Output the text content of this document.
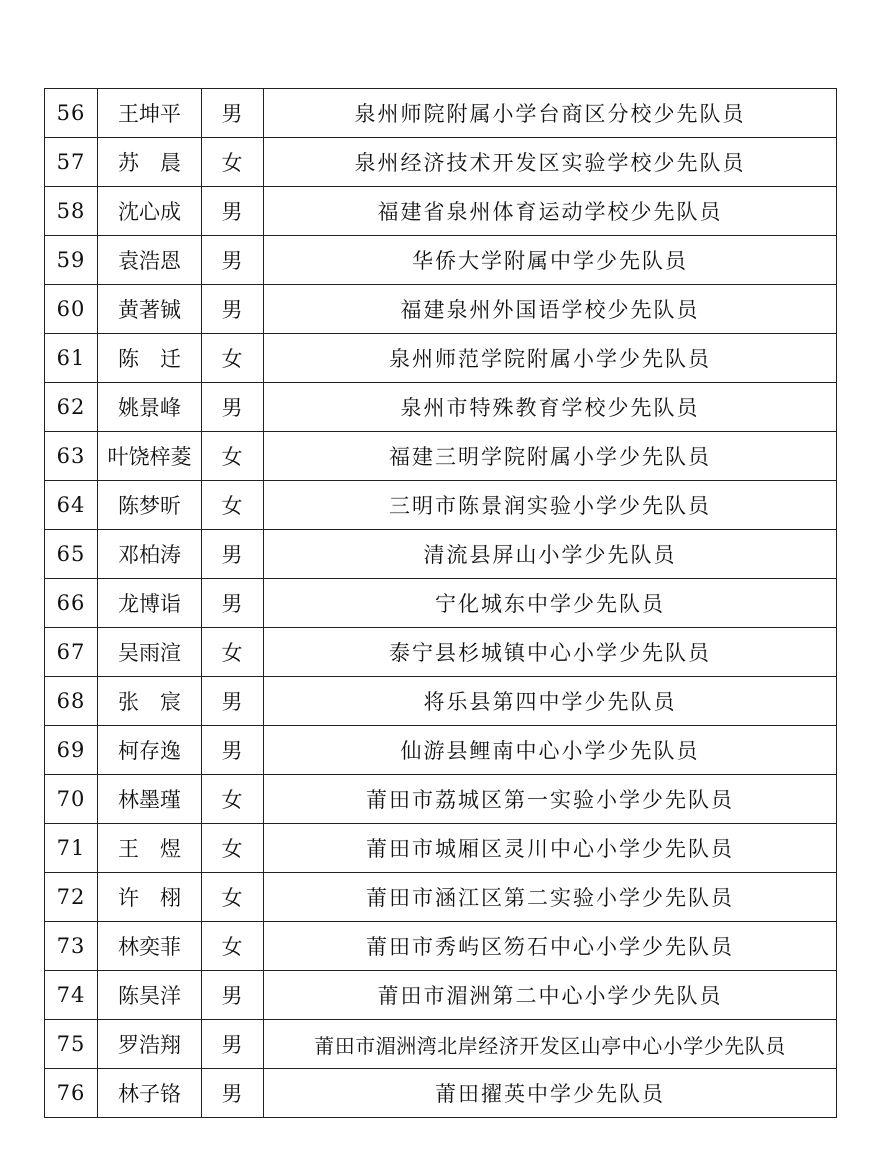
56	王坤平	男	泉州师院附属小学台商区分校少先队员
57	苏　晨	女	泉州经济技术开发区实验学校少先队员
58	沈心成	男	福建省泉州体育运动学校少先队员
59	袁浩恩	男	华侨大学附属中学少先队员
60	黄著铖	男	福建泉州外国语学校少先队员
61	陈　迁	女	泉州师范学院附属小学少先队员
62	姚景峰	男	泉州市特殊教育学校少先队员
63	叶饶梓菱	女	福建三明学院附属小学少先队员
64	陈梦昕	女	三明市陈景润实验小学少先队员
65	邓柏涛	男	清流县屏山小学少先队员
66	龙博诣	男	宁化城东中学少先队员
67	吴雨渲	女	泰宁县杉城镇中心小学少先队员
68	张　宸	男	将乐县第四中学少先队员
69	柯存逸	男	仙游县鲤南中心小学少先队员
70	林墨瑾	女	莆田市荔城区第一实验小学少先队员
71	王　煜	女	莆田市城厢区灵川中心小学少先队员
72	许　栩	女	莆田市涵江区第二实验小学少先队员
73	林奕菲	女	莆田市秀屿区笏石中心小学少先队员
74	陈昊洋	男	莆田市湄洲第二中心小学少先队员
75	罗浩翔	男	莆田市湄洲湾北岸经济开发区山亭中心小学少先队员
76	林子铬	男	莆田擢英中学少先队员
